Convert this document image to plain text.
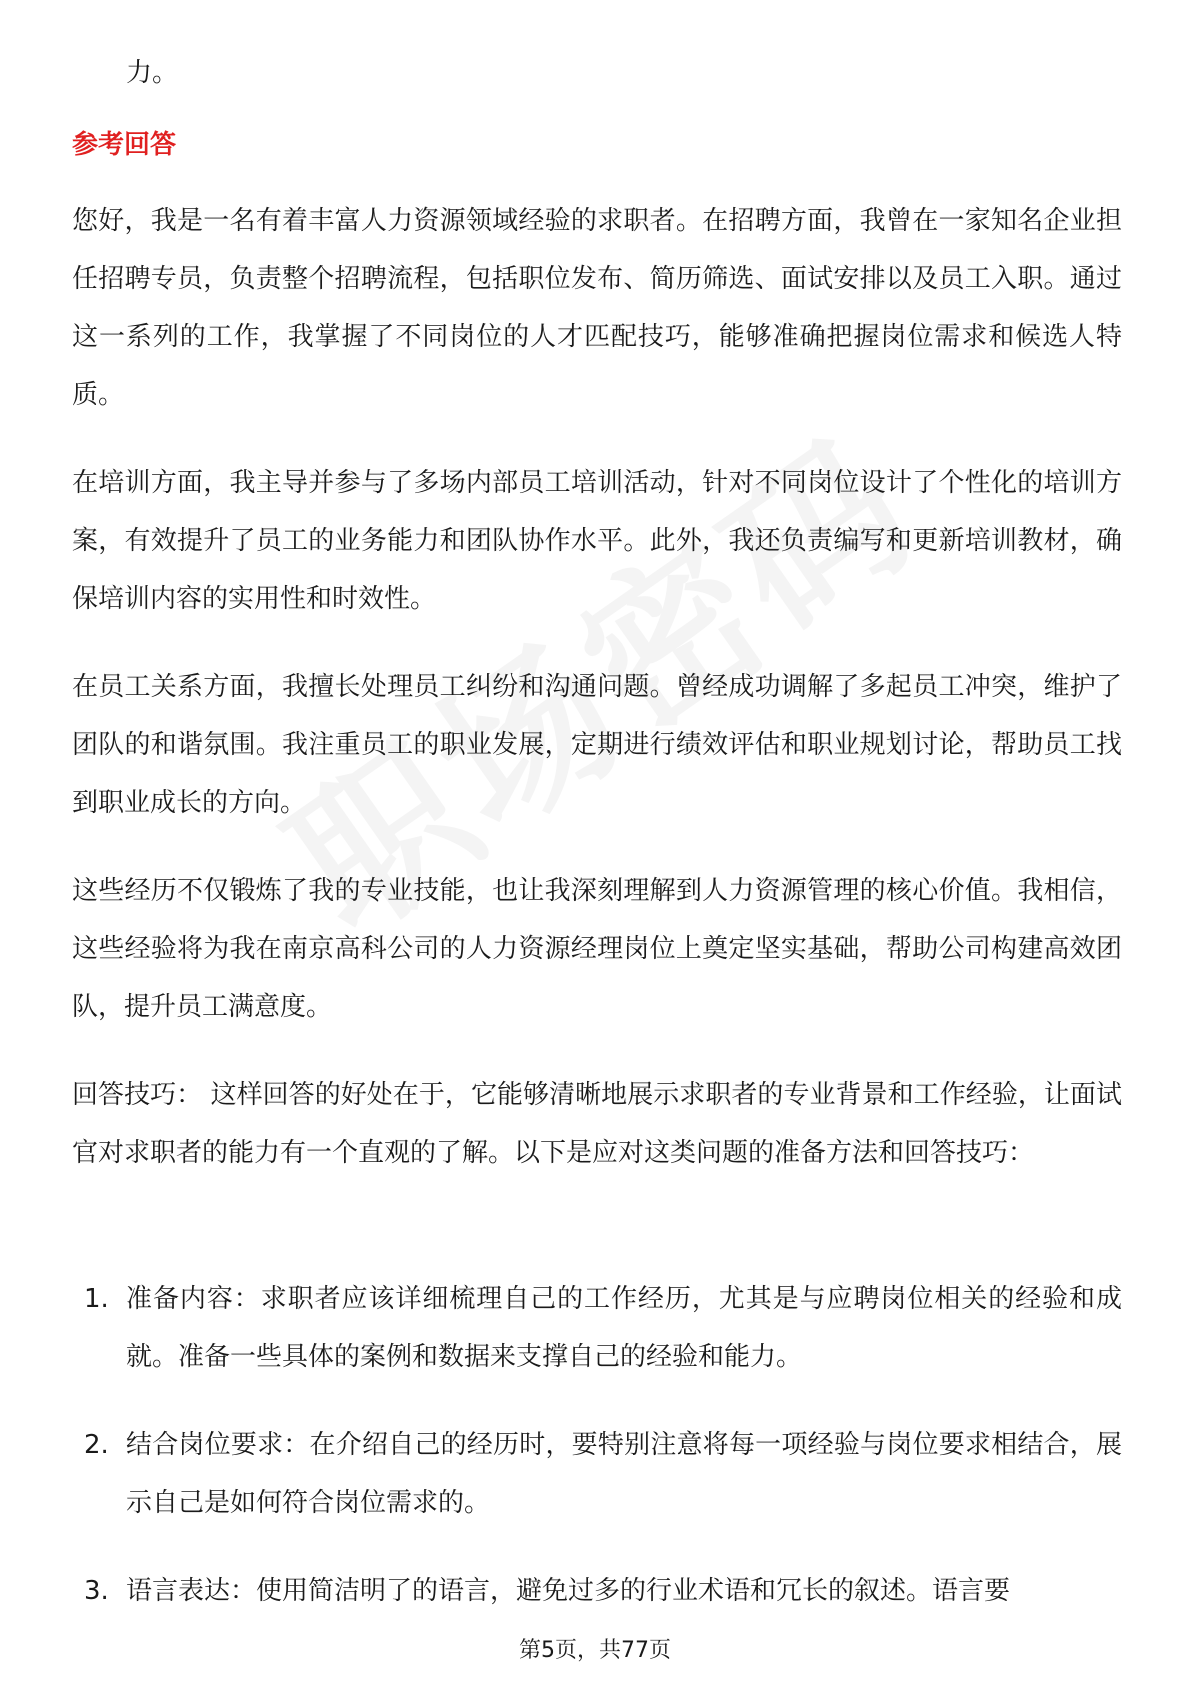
力。
参考回答

您好，我是一名有着丰富人力资源领域经验的求职者。在招聘方面，我曾在一家知名企业担任招聘专员，负责整个招聘流程，包括职位发布、简历筛选、面试安排以及员工入职。通过这一系列的工作，我掌握了不同岗位的人才匹配技巧，能够准确把握岗位需求和候选人特质。

在培训方面，我主导并参与了多场内部员工培训活动，针对不同岗位设计了个性化的培训方案，有效提升了员工的业务能力和团队协作水平。此外，我还负责编写和更新培训教材，确保培训内容的实用性和时效性。

在员工关系方面，我擅长处理员工纠纷和沟通问题。曾经成功调解了多起员工冲突，维护了团队的和谐氛围。我注重员工的职业发展，定期进行绩效评估和职业规划讨论，帮助员工找到职业成长的方向。

这些经历不仅锻炼了我的专业技能，也让我深刻理解到人力资源管理的核心价值。我相信，这些经验将为我在南京高科公司的人力资源经理岗位上奠定坚实基础，帮助公司构建高效团队，提升员工满意度。

回答技巧： 这样回答的好处在于，它能够清晰地展示求职者的专业背景和工作经验，让面试官对求职者的能力有一个直观的了解。以下是应对这类问题的准备方法和回答技巧：

1. 准备内容：求职者应该详细梳理自己的工作经历，尤其是与应聘岗位相关的经验和成就。准备一些具体的案例和数据来支撑自己的经验和能力。
2. 结合岗位要求：在介绍自己的经历时，要特别注意将每一项经验与岗位要求相结合，展示自己是如何符合岗位需求的。
3. 语言表达：使用简洁明了的语言，避免过多的行业术语和冗长的叙述。语言要
第5页，共77页
